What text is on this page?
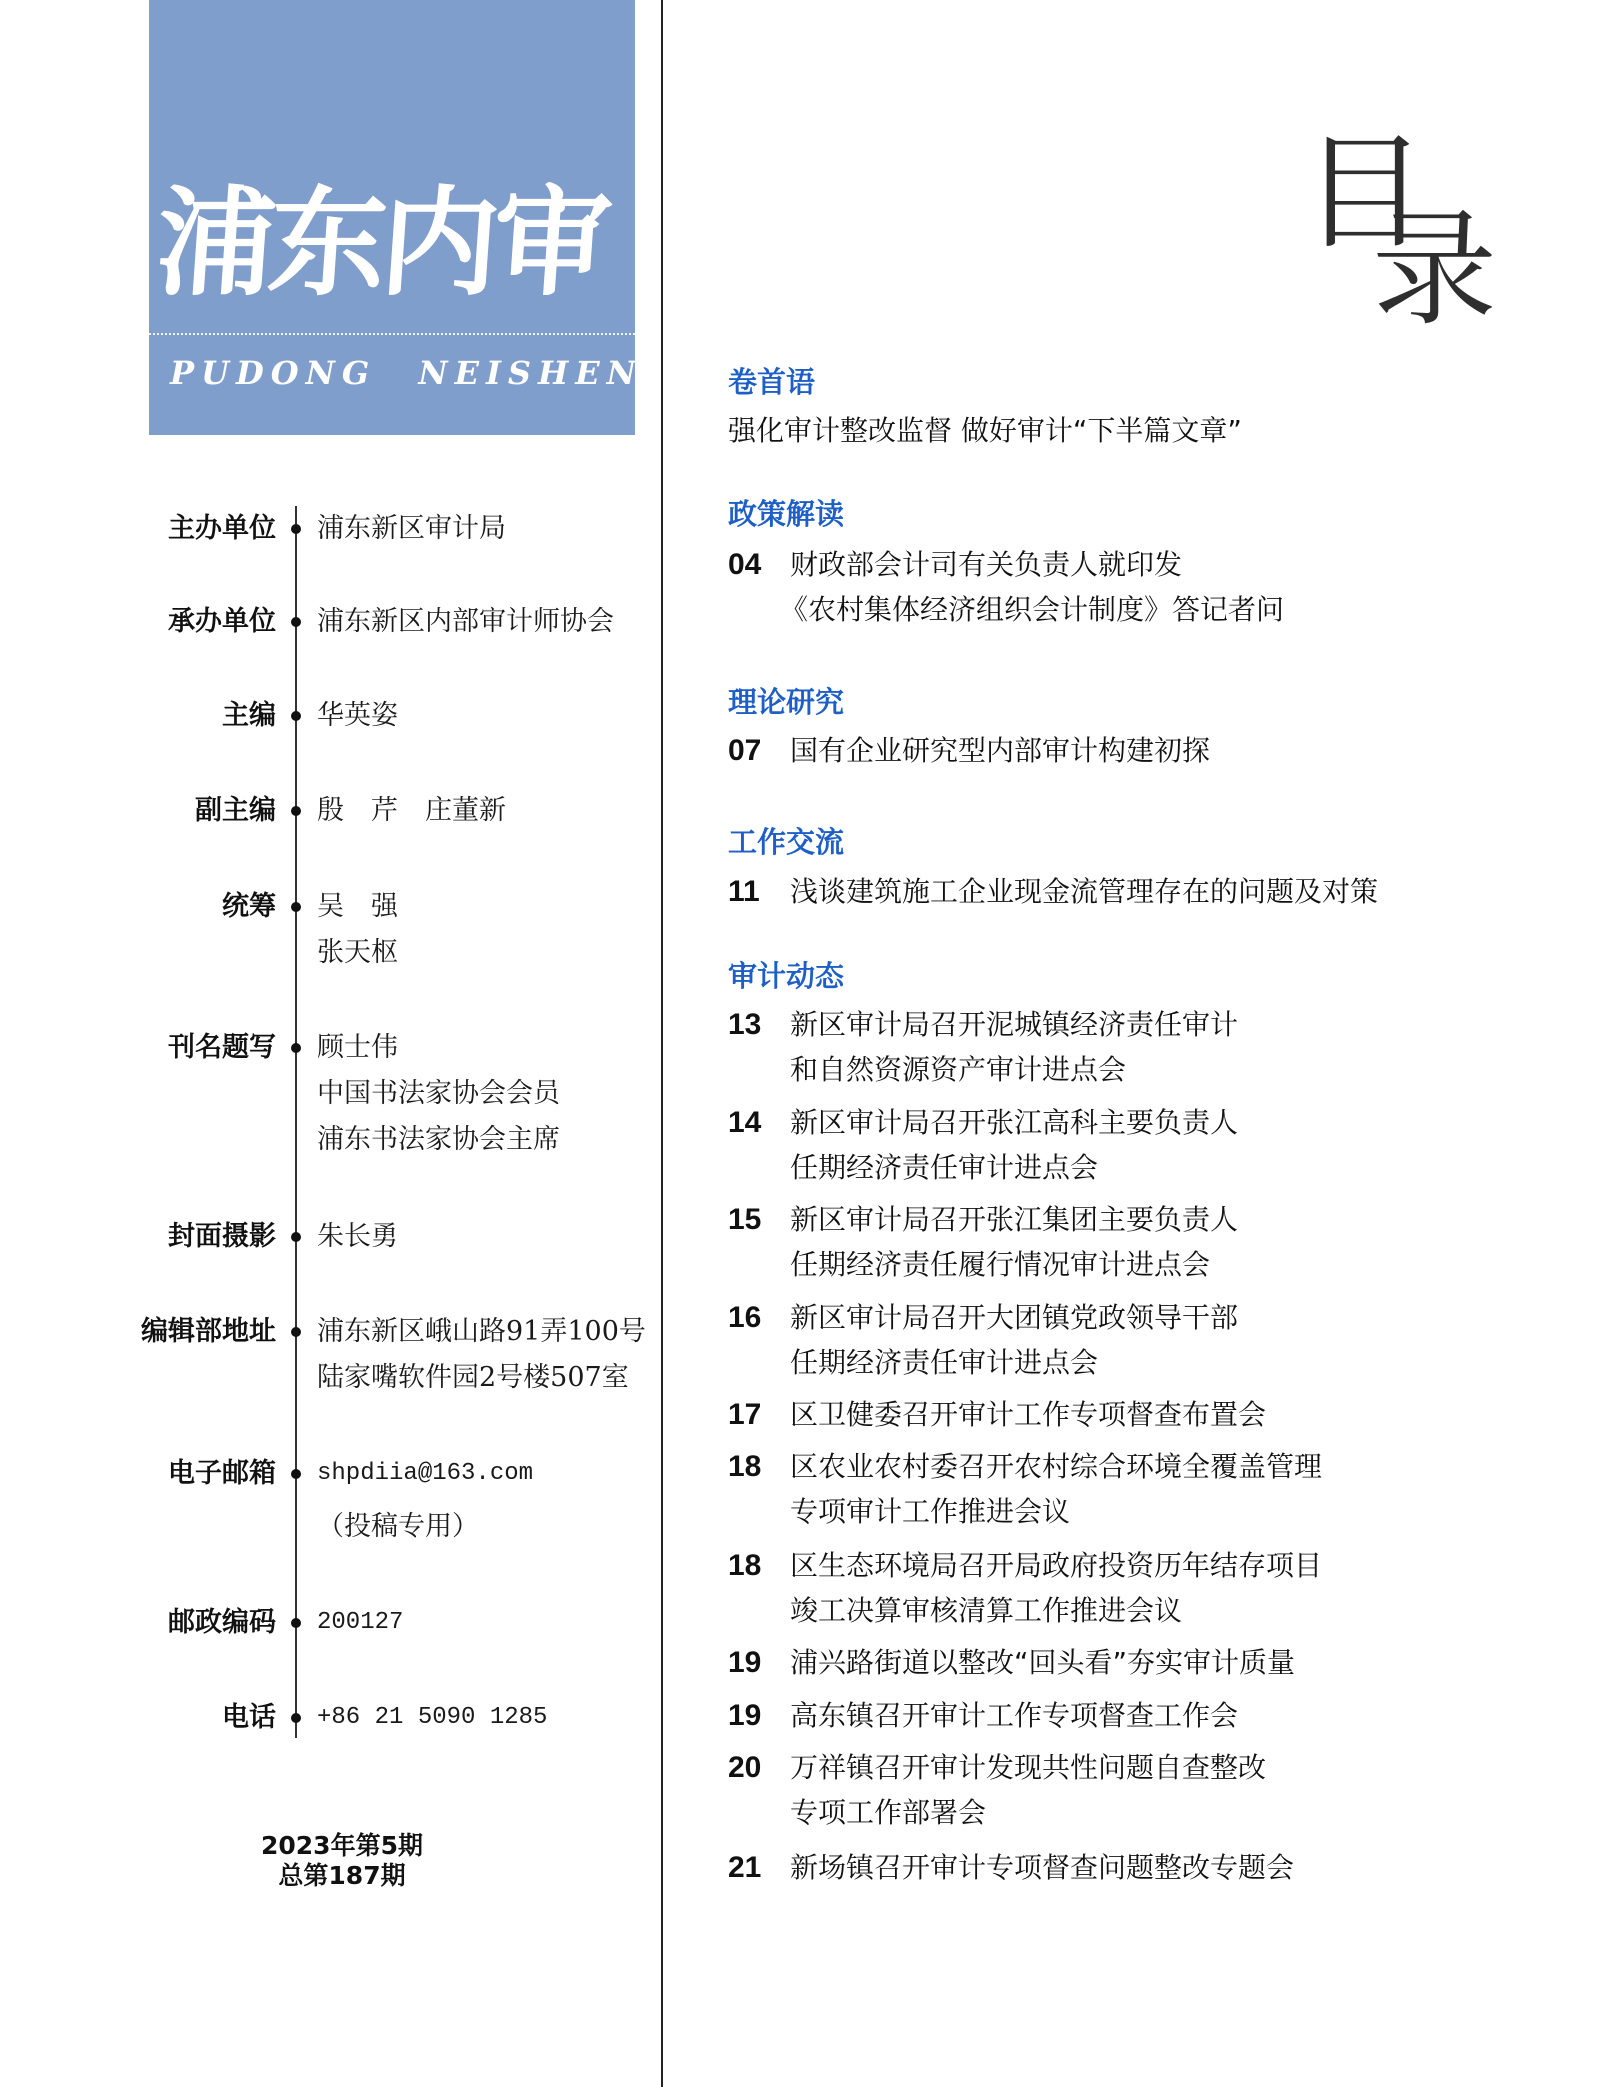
浦东内审
PUDONG NEISHEN
主办单位 浦东新区审计局
承办单位 浦东新区内部审计师协会
主编 华英姿
副主编 殷　芹　庄董新
统筹 吴　强
张天枢
刊名题写 顾士伟
中国书法家协会会员
浦东书法家协会主席
封面摄影 朱长勇
编辑部地址 浦东新区峨山路91弄100号
陆家嘴软件园2号楼507室
电子邮箱 shpdiia@163.com
（投稿专用）
邮政编码 200127
电话 +86 21 5090 1285
2023年第5期
总第187期
目
录
卷首语
强化审计整改监督 做好审计“下半篇文章”
政策解读
04 财政部会计司有关负责人就印发
《农村集体经济组织会计制度》答记者问
理论研究
07 国有企业研究型内部审计构建初探
工作交流
11 浅谈建筑施工企业现金流管理存在的问题及对策
审计动态
13 新区审计局召开泥城镇经济责任审计
和自然资源资产审计进点会
14 新区审计局召开张江高科主要负责人
任期经济责任审计进点会
15 新区审计局召开张江集团主要负责人
任期经济责任履行情况审计进点会
16 新区审计局召开大团镇党政领导干部
任期经济责任审计进点会
17 区卫健委召开审计工作专项督查布置会
18 区农业农村委召开农村综合环境全覆盖管理
专项审计工作推进会议
18 区生态环境局召开局政府投资历年结存项目
竣工决算审核清算工作推进会议
19 浦兴路街道以整改“回头看”夯实审计质量
19 高东镇召开审计工作专项督查工作会
20 万祥镇召开审计发现共性问题自查整改
专项工作部署会
21 新场镇召开审计专项督查问题整改专题会
